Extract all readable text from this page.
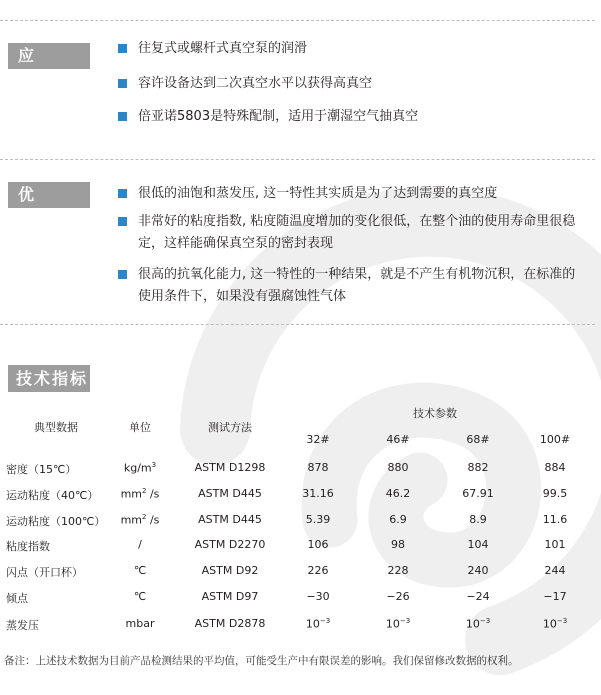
应 用
往复式或螺杆式真空泵的润滑
容许设备达到二次真空水平以获得高真空
倍亚诺5803是特殊配制，适用于潮湿空气抽真空
优 势
很低的油饱和蒸发压, 这一特性其实质是为了达到需要的真空度
非常好的粘度指数, 粘度随温度增加的变化很低，在整个油的使用寿命里很稳定，这样能确保真空泵的密封表现
很高的抗氧化能力, 这一特性的一种结果，就是不产生有机物沉积，在标准的使用条件下，如果没有强腐蚀性气体
技术指标
典型数据	单位	测试方法
技术参数
32#	46#	68#	100#
密度（15℃）	$kg/m^3$	ASTM D1298	878	880	882	884
运动粘度（40℃）	$mm^2$ /s	ASTM D445	31.16	46.2	67.91	99.5
运动粘度（100℃）	$mm^2$ /s	ASTM D445	5.39	6.9	8.9	11.6
粘度指数	/	ASTM D2270	106	98	104	101
闪点（开口杯）	℃	ASTM D92	226	228	240	244
倾点	℃	ASTM D97	−30	−26	−24	−17
蒸发压	mbar	ASTM D2878	$10^{-3}$	$10^{-3}$	$10^{-3}$	$10^{-3}$
备注：上述技术数据为目前产品检测结果的平均值，可能受生产中有限误差的影响。我们保留修改数据的权利。
